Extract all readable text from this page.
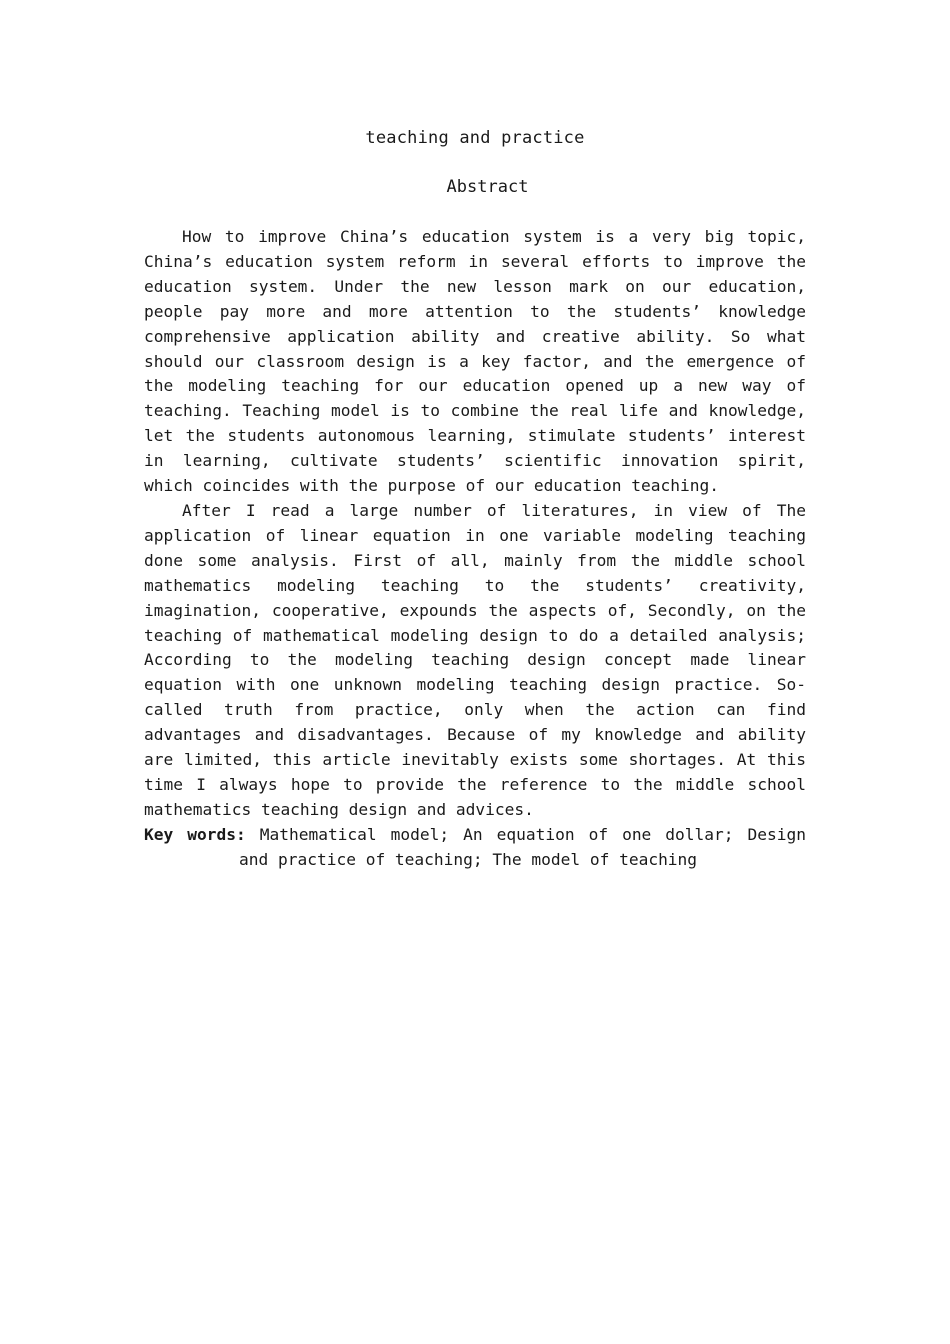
teaching and practice
Abstract

How to improve China’s education system is a very big topic, China’s education system reform in several efforts to improve the education system. Under the new lesson mark on our education, people pay more and more attention to the students’ knowledge comprehensive application ability and creative ability. So what should our classroom design is a key factor, and the emergence of the modeling teaching for our education opened up a new way of teaching. Teaching model is to combine the real life and knowledge, let the students autonomous learning, stimulate students’ interest in learning, cultivate students’ scientific innovation spirit, which coincides with the purpose of our education teaching.

After I read a large number of literatures, in view of The application of linear equation in one variable modeling teaching done some analysis. First of all, mainly from the middle school mathematics modeling teaching to the students’ creativity, imagination, cooperative, expounds the aspects of, Secondly, on the teaching of mathematical modeling design to do a detailed analysis; According to the modeling teaching design concept made linear equation with one unknown modeling teaching design practice. So-called truth from practice, only when the action can find advantages and disadvantages. Because of my knowledge and ability are limited, this article inevitably exists some shortages. At this time I always hope to provide the reference to the middle school mathematics teaching design and advices.

Key words: Mathematical model; An equation of one dollar; Design and practice of teaching; The model of teaching
